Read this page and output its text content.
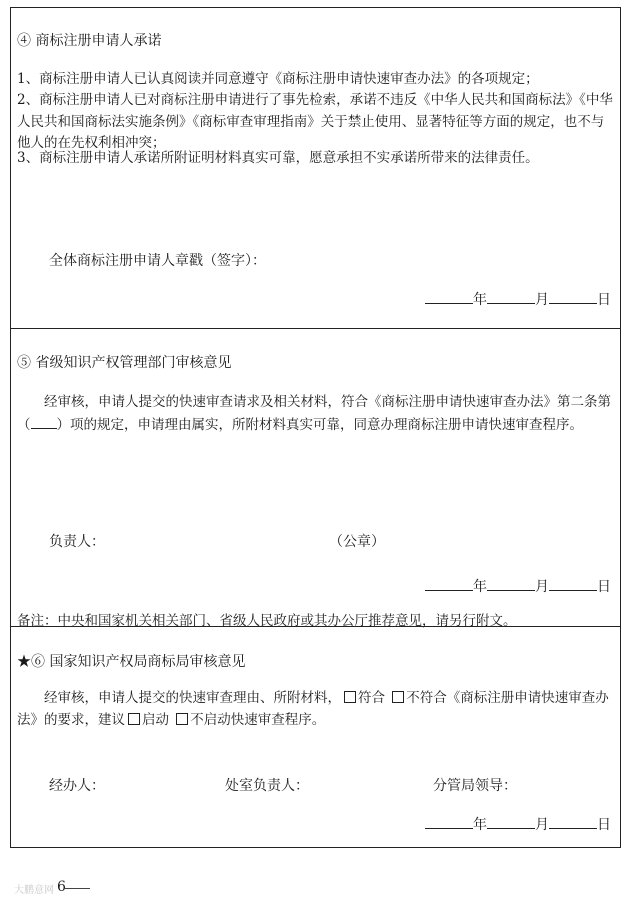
④ 商标注册申请人承诺
1、商标注册申请人已认真阅读并同意遵守《商标注册申请快速审查办法》的各项规定；
2、商标注册申请人已对商标注册申请进行了事先检索，承诺不违反《中华人民共和国商标法》《中华人民共和国商标法实施条例》《商标审查审理指南》关于禁止使用、显著特征等方面的规定，也不与他人的在先权利相冲突；
3、商标注册申请人承诺所附证明材料真实可靠，愿意承担不实承诺所带来的法律责任。
全体商标注册申请人章戳（签字）：
年	月	日
⑤ 省级知识产权管理部门审核意见
经审核，申请人提交的快速审查请求及相关材料，符合《商标注册申请快速审查办法》第二条第（ ）项的规定，申请理由属实，所附材料真实可靠，同意办理商标注册申请快速审查程序。
负责人：	（公章）
年	月	日
备注：中央和国家机关相关部门、省级人民政府或其办公厅推荐意见，请另行附文。
★⑥ 国家知识产权局商标局审核意见
经审核，申请人提交的快速审查理由、所附材料， 符合 不符合《商标注册申请快速审查办法》的要求，建议 启动 不启动快速审查程序。
经办人：	处室负责人：	分管局领导：
年	月	日
大鹏意网 6
